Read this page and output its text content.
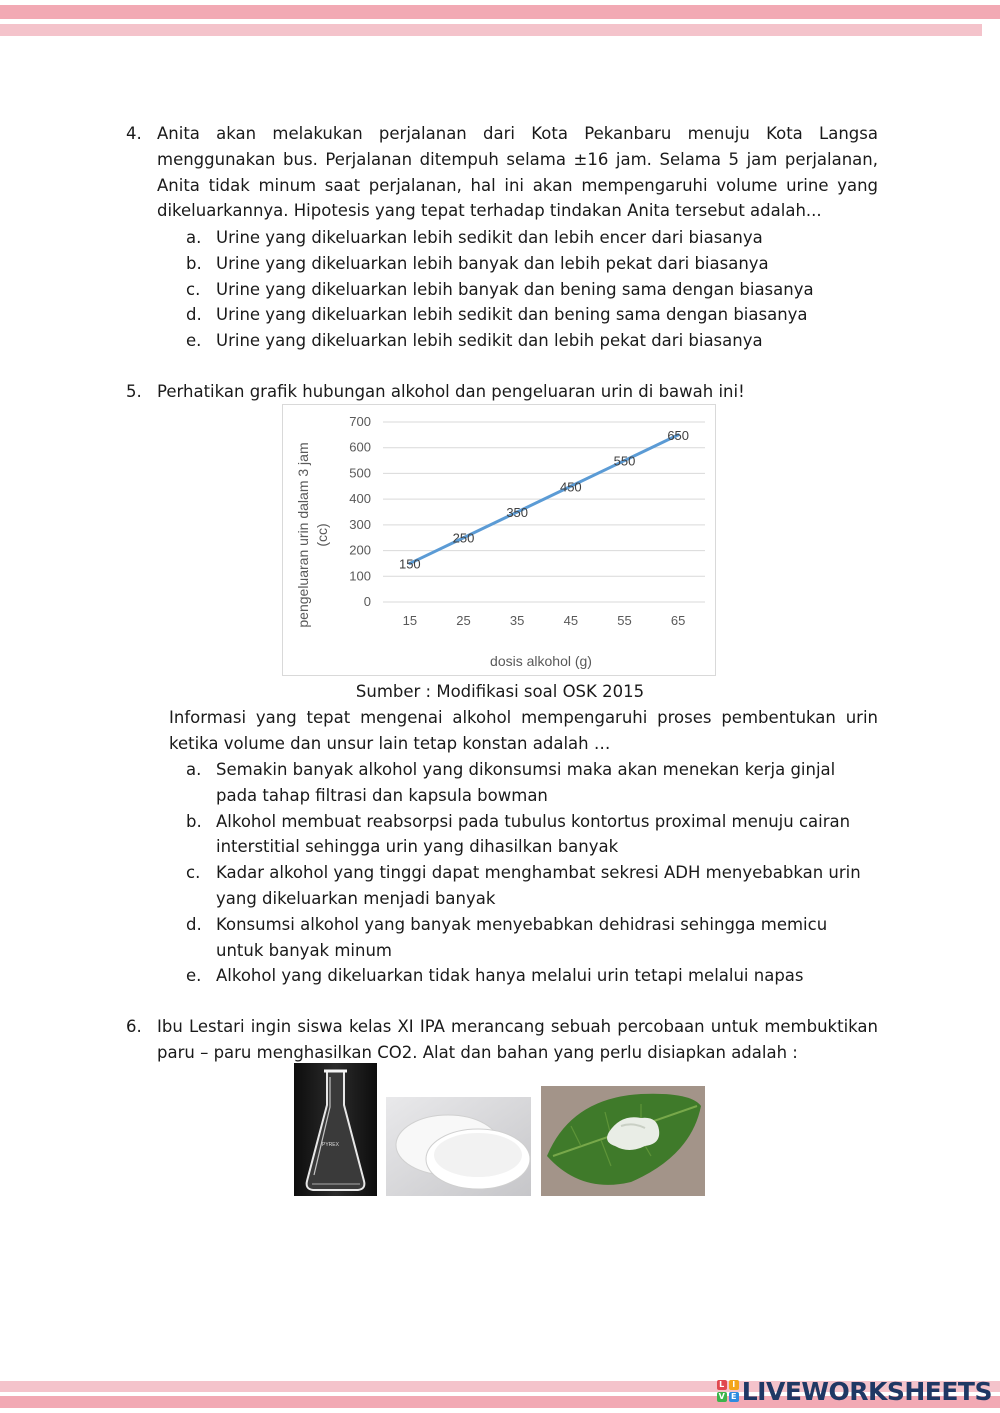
4. Anita akan melakukan perjalanan dari Kota Pekanbaru menuju Kota Langsa menggunakan bus. Perjalanan ditempuh selama ±16 jam. Selama 5 jam perjalanan, Anita tidak minum saat perjalanan, hal ini akan mempengaruhi volume urine yang dikeluarkannya. Hipotesis yang tepat terhadap tindakan Anita tersebut adalah...
a. Urine yang dikeluarkan lebih sedikit dan lebih encer dari biasanya
b. Urine yang dikeluarkan lebih banyak dan lebih pekat dari biasanya
c. Urine yang dikeluarkan lebih banyak dan bening sama dengan biasanya
d. Urine yang dikeluarkan lebih sedikit dan bening sama dengan biasanya
e. Urine yang dikeluarkan lebih sedikit dan lebih pekat dari biasanya
5. Perhatikan grafik hubungan alkohol dan pengeluaran urin di bawah ini!
0
100
200
300
400
500
600
700
15	25	35	45	55	65
150
250
350
450
550
650
dosis alkohol (g)
pengeluaran urin dalam 3 jam (cc)
Sumber : Modifikasi soal OSK 2015
Informasi yang tepat mengenai alkohol mempengaruhi proses pembentukan urin ketika volume dan unsur lain tetap konstan adalah …
a. Semakin banyak alkohol yang dikonsumsi maka akan menekan kerja ginjal pada tahap filtrasi dan kapsula bowman
b. Alkohol membuat reabsorpsi pada tubulus kontortus proximal menuju cairan interstitial sehingga urin yang dihasilkan banyak
c. Kadar alkohol yang tinggi dapat menghambat sekresi ADH menyebabkan urin yang dikeluarkan menjadi banyak
d. Konsumsi alkohol yang banyak menyebabkan dehidrasi sehingga memicu untuk banyak minum
e. Alkohol yang dikeluarkan tidak hanya melalui urin tetapi melalui napas
6. Ibu Lestari ingin siswa kelas XI IPA merancang sebuah percobaan untuk membuktikan paru – paru menghasilkan CO2. Alat dan bahan yang perlu disiapkan adalah :
PYREX
L I
V E LIVEWORKSHEETS
